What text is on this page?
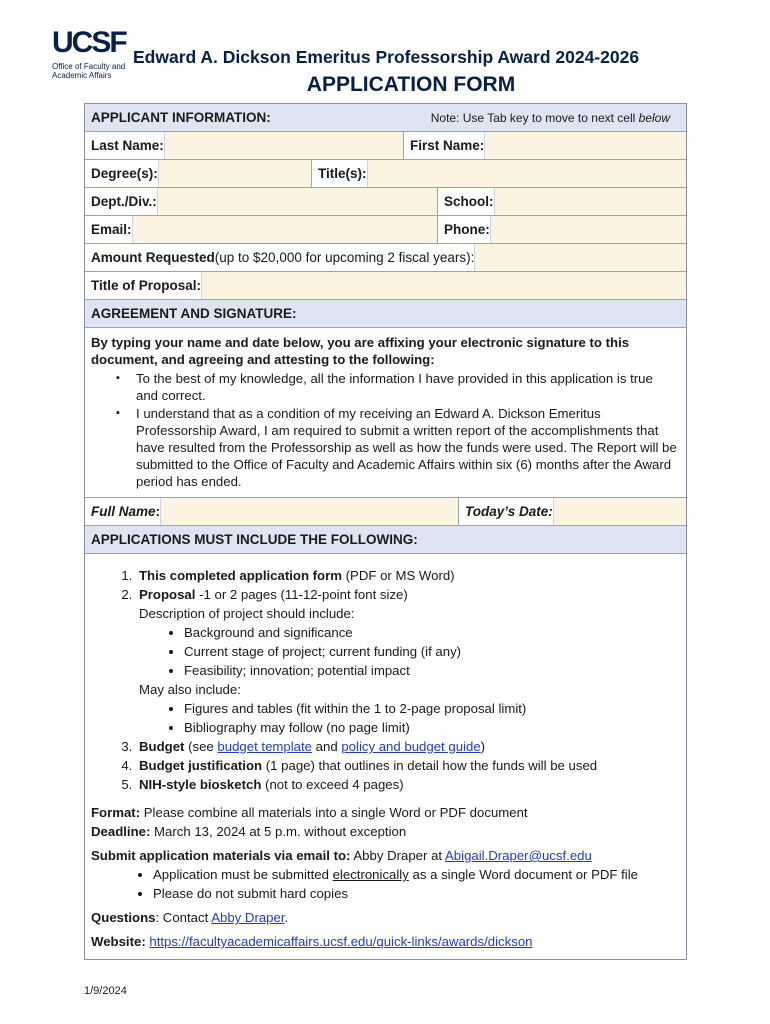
UCSF
Office of Faculty and Academic Affairs
Edward A. Dickson Emeritus Professorship Award 2024-2026
APPLICATION FORM
APPLICANT INFORMATION:	Note: Use Tab key to move to next cell below
Last Name:	First Name:
Degree(s):	Title(s):
Dept./Div.:	School:
Email:	Phone:
Amount Requested (up to $20,000 for upcoming 2 fiscal years):
Title of Proposal:
AGREEMENT AND SIGNATURE:
By typing your name and date below, you are affixing your electronic signature to this document, and agreeing and attesting to the following:
▪ To the best of my knowledge, all the information I have provided in this application is true and correct.
▪ I understand that as a condition of my receiving an Edward A. Dickson Emeritus Professorship Award, I am required to submit a written report of the accomplishments that have resulted from the Professorship as well as how the funds were used. The Report will be submitted to the Office of Faculty and Academic Affairs within six (6) months after the Award period has ended.
Full Name :	Today’s Date:
APPLICATIONS MUST INCLUDE THE FOLLOWING:
1. This completed application form (PDF or MS Word)
2. Proposal -1 or 2 pages (11-12-point font size)
Description of project should include:
• Background and significance
• Current stage of project; current funding (if any)
• Feasibility; innovation; potential impact
May also include:
• Figures and tables (fit within the 1 to 2-page proposal limit)
• Bibliography may follow (no page limit)
3. Budget (see budget template and policy and budget guide)
4. Budget justification (1 page) that outlines in detail how the funds will be used
5. NIH-style biosketch (not to exceed 4 pages)

Format: Please combine all materials into a single Word or PDF document

Deadline: March 13, 2024 at 5 p.m. without exception

Submit application materials via email to: Abby Draper at Abigail.Draper@ucsf.edu

• Application must be submitted electronically as a single Word document or PDF file
• Please do not submit hard copies

Questions: Contact Abby Draper.

Website: https://facultyacademicaffairs.ucsf.edu/quick-links/awards/dickson

1/9/2024
